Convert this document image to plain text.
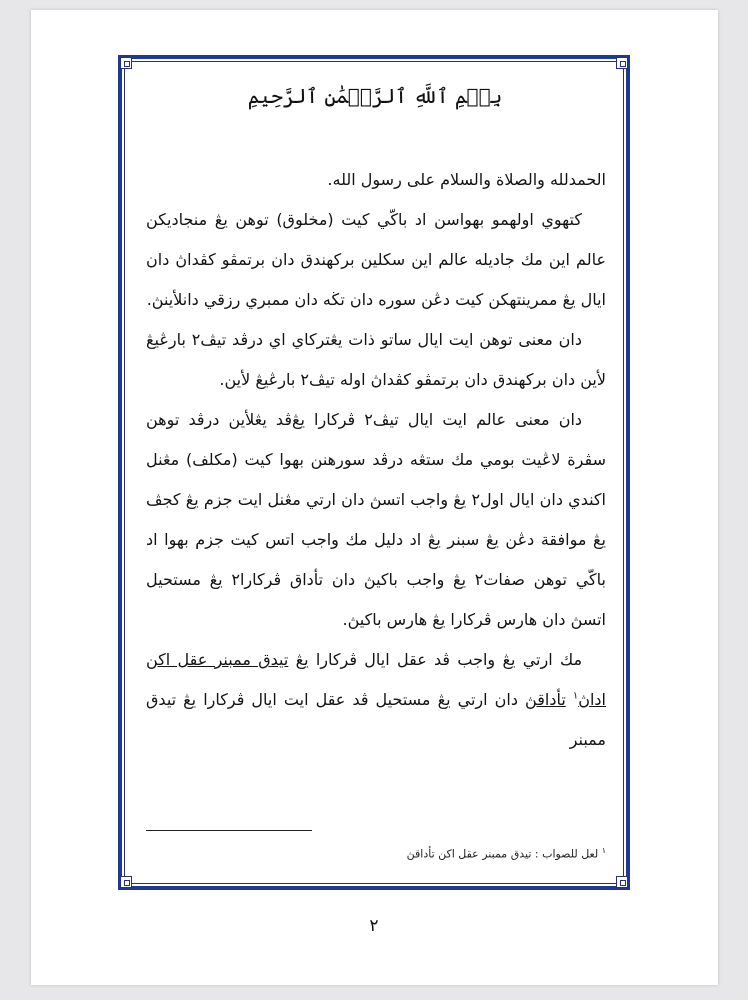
بِسۡمِ ٱللَّهِ ٱلرَّحۡمَٰنِ ٱلرَّحِيمِ

الحمدلله والصلاة والسلام على رسول الله.

كتهوي اولهمو بهواسن اد باكّي كيت (مخلوق) توهن يڠ منجاديكن عالم اين مك جاديله عالم اين سكلين بركهندق دان برتمڤو كڤداڽ دان ايال يڠ ممرينتهكن كيت دڠن سوره دان تڬه دان ممبري رزقي دانلأينڽ.

دان معنى توهن ايت ايال ساتو ذات يڠتركاي اي درڤد تيڤ٢ بارڠيڠ لأين دان بركهندق دان برتمڤو كڤداڽ اوله تيڤ٢ بارڠيڠ لأين.

دان معنى عالم ايت ايال تيڤ٢ ڤركارا يڠ‌ڤد يڠلأين درڤد توهن سڤرة لاڠيت بومي مك ستڠه درڤد سورهنن بهوا كيت (مكلف) مڠنل اكندي دان ايال اول٢ يڠ واجب اتسڽ دان ارتي مڠنل ايت جزم يڠ كجڤ يڠ موافقة دڠن يڠ سبنر يڠ اد دليل مك واجب اتس كيت جزم بهوا اد باكّي توهن صفات٢ يڠ واجب باكيڽ دان تأداق ڤركارا٢ يڠ مستحيل اتسڽ دان هارس ڤركارا يڠ هارس باكيڽ.

مك ارتي يڠ واجب ڤد عقل ايال ڤركارا يڠ تيدق ممبنر عقل اكن اداڽ$^١$ تأداقڽ دان ارتي يڠ مستحيل ڤد عقل ايت ايال ڤركارا يڠ تيدق ممبنر

$^١$ لعل للصواب : تيدق ممبنر عقل اكن تأداقڽ
٢
